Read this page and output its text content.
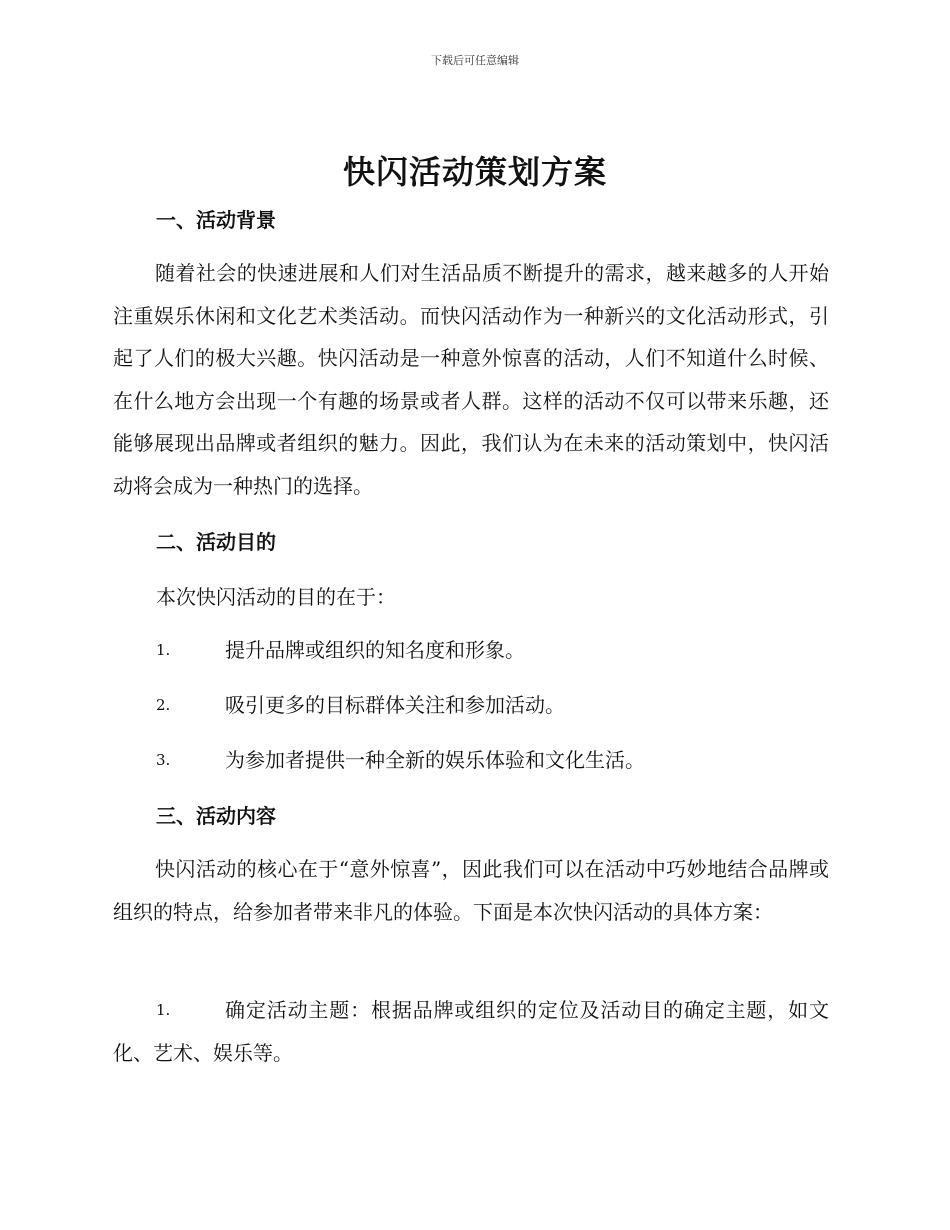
下载后可任意编辑
快闪活动策划方案
一、活动背景

随着社会的快速进展和人们对生活品质不断提升的需求，越来越多的人开始注重娱乐休闲和文化艺术类活动。而快闪活动作为一种新兴的文化活动形式，引起了人们的极大兴趣。快闪活动是一种意外惊喜的活动，人们不知道什么时候、在什么地方会出现一个有趣的场景或者人群。这样的活动不仅可以带来乐趣，还能够展现出品牌或者组织的魅力。因此，我们认为在未来的活动策划中，快闪活动将会成为一种热门的选择。

二、活动目的
本次快闪活动的目的在于：
1.	提升品牌或组织的知名度和形象。
2.	吸引更多的目标群体关注和参加活动。
3.	为参加者提供一种全新的娱乐体验和文化生活。
三、活动内容

快闪活动的核心在于“意外惊喜”，因此我们可以在活动中巧妙地结合品牌或组织的特点，给参加者带来非凡的体验。下面是本次快闪活动的具体方案：

1.	确定活动主题：根据品牌或组织的定位及活动目的确定主题，如文化、艺术、娱乐等。
